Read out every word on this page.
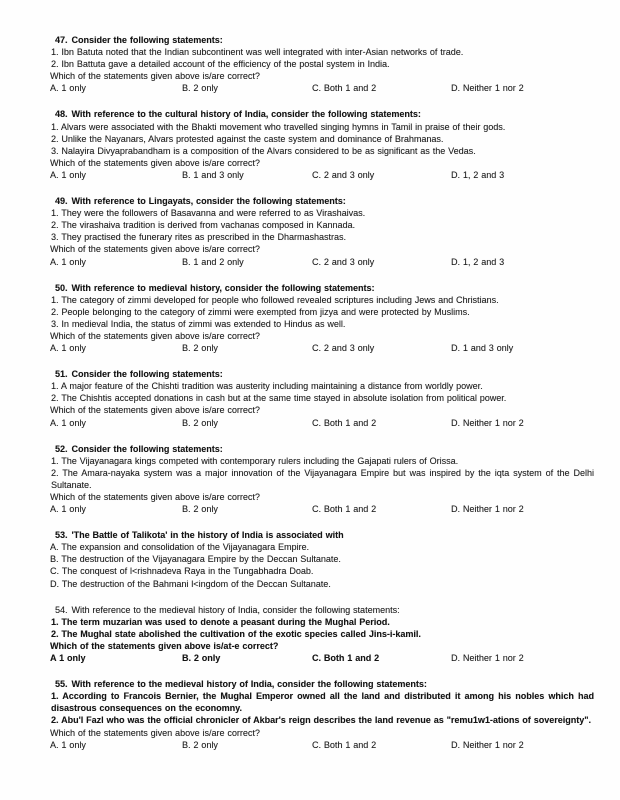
47. Consider the following statements:
1. Ibn Batuta noted that the Indian subcontinent was well integrated with inter-Asian networks of trade.
2. Ibn Battuta gave a detailed account of the efficiency of the postal system in India.
Which of the statements given above is/are correct?
A. 1 only	B. 2 only	C. Both 1 and 2	D. Neither 1 nor 2
48. With reference to the cultural history of India, consider the following statements:
1. Alvars were associated with the Bhakti movement who travelled singing hymns in Tamil in praise of their gods.
2. Unlike the Nayanars, Alvars protested against the caste system and dominance of Brahmanas.
3. Nalayira Divyaprabandham is a composition of the Alvars considered to be as significant as the Vedas.
Which of the statements given above is/are correct?
A. 1 only	B. 1 and 3 only	C. 2 and 3 only	D. 1, 2 and 3
49. With reference to Lingayats, consider the following statements:
1. They were the followers of Basavanna and were referred to as Virashaivas.
2. The virashaiva tradition is derived from vachanas composed in Kannada.
3. They practised the funerary rites as prescribed in the Dharmashastras.
Which of the statements given above is/are correct?
A. 1 only	B. 1 and 2 only	C. 2 and 3 only	D. 1, 2 and 3
50. With reference to medieval history, consider the following statements:
1. The category of zimmi developed for people who followed revealed scriptures including Jews and Christians.
2. People belonging to the category of zimmi were exempted from jizya and were protected by Muslims.
3. In medieval India, the status of zimmi was extended to Hindus as well.
Which of the statements given above is/are correct?
A. 1 only	B. 2 only	C. 2 and 3 only	D. 1 and 3 only
51. Consider the following statements:
1. A major feature of the Chishti tradition was austerity including maintaining a distance from worldly power.
2. The Chishtis accepted donations in cash but at the same time stayed in absolute isolation from political power.
Which of the statements given above is/are correct?
A. 1 only	B. 2 only	C. Both 1 and 2	D. Neither 1 nor 2
52. Consider the following statements:
1. The Vijayanagara kings competed with contemporary rulers including the Gajapati rulers of Orissa.
2. The Amara-nayaka system was a major innovation of the Vijayanagara Empire but was inspired by the iqta system of the Delhi Sultanate.
Which of the statements given above is/are correct?
A. 1 only	B. 2 only	C. Both 1 and 2	D. Neither 1 nor 2
53. 'The Battle of Talikota' in the history of India is associated with
A. The expansion and consolidation of the Vijayanagara Empire.
B. The destruction of the Vijayanagara Empire by the Deccan Sultanate.
C. The conquest of l<rishnadeva Raya in the Tungabhadra Doab.
D. The destruction of the Bahmani l<ingdom of the Deccan Sultanate.
54. With reference to the medieval history of India, consider the following statements:
1. The term muzarian was used to denote a peasant during the Mughal Period.
2. The Mughal state abolished the cultivation of the exotic species called Jins-i-kamil.
Which of the statements given above is/at-e correct?
A 1 only	B. 2 only	C. Both 1 and 2	D. Neither 1 nor 2
55. With reference to the medieval history of India, consider the following statements:
1. According to Francois Bernier, the Mughal Emperor owned all the land and distributed it among his nobles which had disastrous consequences on the economny.
2. Abu'l Fazl who was the official chronicler of Akbar's reign describes the land revenue as "remu1w1-ations of sovereignty".
Which of the statements given above is/are correct?
A. 1 only	B. 2 only	C. Both 1 and 2	D. Neither 1 nor 2
